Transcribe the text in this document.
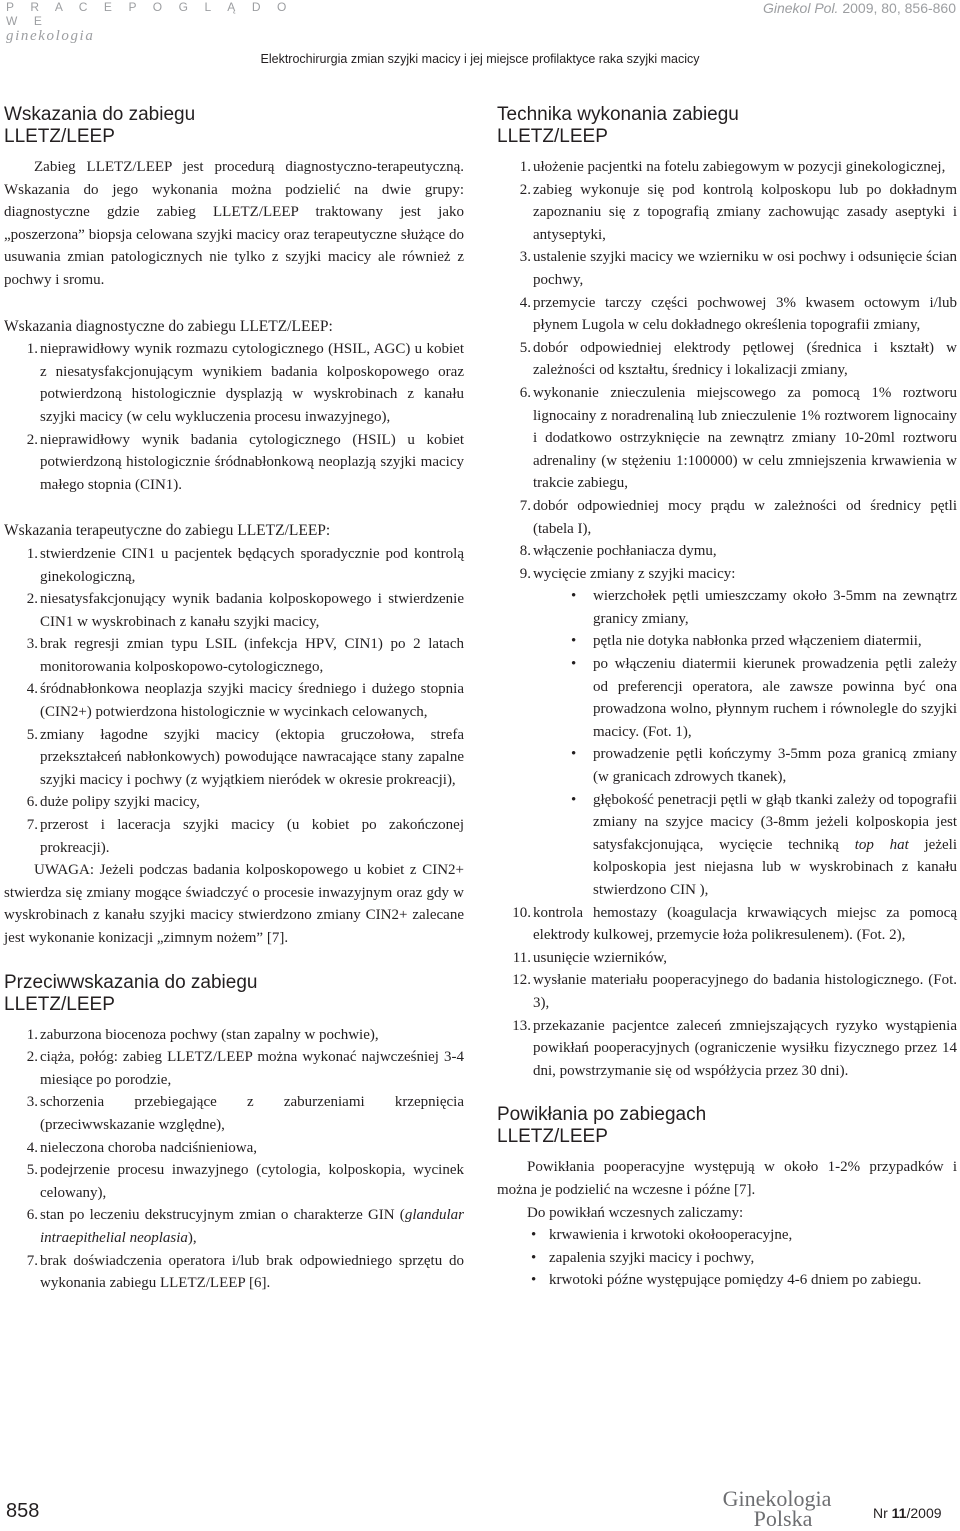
P R A C E P O G L Ą D O W E
ginekologia
Ginekol Pol. 2009, 80, 856-860
Elektrochirurgia zmian szyjki macicy i jej miejsce profilaktyce raka szyjki macicy
Wskazania do zabiegu
LLETZ/LEEP

Zabieg LLETZ/LEEP jest procedurą diagnostyczno-terapeutyczną. Wskazania do jego wykonania można podzielić na dwie grupy: diagnostyczne gdzie zabieg LLETZ/LEEP traktowany jest jako „poszerzona” biopsja celowana szyjki macicy oraz terapeutyczne służące do usuwania zmian patologicznych nie tylko z szyjki macicy ale również z pochwy i sromu.

Wskazania diagnostyczne do zabiegu LLETZ/LEEP:
1. nieprawidłowy wynik rozmazu cytologicznego (HSIL, AGC) u kobiet z niesatysfakcjonującym wynikiem badania kolposkopowego oraz potwierdzoną histologicznie dysplazją w wyskrobinach z kanału szyjki macicy (w celu wykluczenia procesu inwazyjnego),
2. nieprawidłowy wynik badania cytologicznego (HSIL) u kobiet potwierdzoną histologicznie śródnabłonkową neoplazją szyjki macicy małego stopnia (CIN1).
Wskazania terapeutyczne do zabiegu LLETZ/LEEP:
1. stwierdzenie CIN1 u pacjentek będących sporadycznie pod kontrolą ginekologiczną,
2. niesatysfakcjonujący wynik badania kolposkopowego i stwierdzenie CIN1 w wyskrobinach z kanału szyjki macicy,
3. brak regresji zmian typu LSIL (infekcja HPV, CIN1) po 2 latach monitorowania kolposkopowo-cytologicznego,
4. śródnabłonkowa neoplazja szyjki macicy średniego i dużego stopnia (CIN2+) potwierdzona histologicznie w wycinkach celowanych,
5. zmiany łagodne szyjki macicy (ektopia gruczołowa, strefa przekształceń nabłonkowych) powodujące nawracające stany zapalne szyjki macicy i pochwy (z wyjątkiem nieródek w okresie prokreacji),
6. duże polipy szyjki macicy,
7. przerost i laceracja szyjki macicy (u kobiet po zakończonej prokreacji).

UWAGA: Jeżeli podczas badania kolposkopowego u kobiet z CIN2+ stwierdza się zmiany mogące świadczyć o procesie inwazyjnym oraz gdy w wyskrobinach z kanału szyjki macicy stwierdzono zmiany CIN2+ zalecane jest wykonanie konizacji „zimnym nożem” [7].

Przeciwwskazania do zabiegu
LLETZ/LEEP
1. zaburzona biocenoza pochwy (stan zapalny w pochwie),
2. ciąża, połóg: zabieg LLETZ/LEEP można wykonać najwcześniej 3-4 miesiące po porodzie,
3. schorzenia przebiegające z zaburzeniami krzepnięcia (przeciwwskazanie względne),
4. nieleczona choroba nadciśnieniowa,
5. podejrzenie procesu inwazyjnego (cytologia, kolposkopia, wycinek celowany),
6. stan po leczeniu dekstrucyjnym zmian o charakterze GIN (glandular intraepithelial neoplasia),
7. brak doświadczenia operatora i/lub brak odpowiedniego sprzętu do wykonania zabiegu LLETZ/LEEP [6].
Technika wykonania zabiegu
LLETZ/LEEP
1. ułożenie pacjentki na fotelu zabiegowym w pozycji ginekologicznej,
2. zabieg wykonuje się pod kontrolą kolposkopu lub po dokładnym zapoznaniu się z topografią zmiany zachowując zasady aseptyki i antyseptyki,
3. ustalenie szyjki macicy we wzierniku w osi pochwy i odsunięcie ścian pochwy,
4. przemycie tarczy części pochwowej 3% kwasem octowym i/lub płynem Lugola w celu dokładnego określenia topografii zmiany,
5. dobór odpowiedniej elektrody pętlowej (średnica i kształt) w zależności od kształtu, średnicy i lokalizacji zmiany,
6. wykonanie znieczulenia miejscowego za pomocą 1% roztworu lignocainy z noradrenaliną lub znieczulenie 1% roztworem lignocainy i dodatkowo ostrzyknięcie na zewnątrz zmiany 10-20ml roztworu adrenaliny (w stężeniu 1:100000) w celu zmniejszenia krwawienia w trakcie zabiegu,
7. dobór odpowiedniej mocy prądu w zależności od średnicy pętli (tabela I),
8. włączenie pochłaniacza dymu,
9. wycięcie zmiany z szyjki macicy:
• wierzchołek pętli umieszczamy około 3-5mm na zewnątrz granicy zmiany,
• pętla nie dotyka nabłonka przed włączeniem diatermii,
• po włączeniu diatermii kierunek prowadzenia pętli zależy od preferencji operatora, ale zawsze powinna być ona prowadzona wolno, płynnym ruchem i równolegle do szyjki macicy. (Fot. 1),
• prowadzenie pętli kończymy 3-5mm poza granicą zmiany (w granicach zdrowych tkanek),
• głębokość penetracji pętli w głąb tkanki zależy od topografii zmiany na szyjce macicy (3-8mm jeżeli kolposkopia jest satysfakcjonująca, wycięcie techniką top hat jeżeli kolposkopia jest niejasna lub w wyskrobinach z kanału stwierdzono CIN ),
10. kontrola hemostazy (koagulacja krwawiących miejsc za pomocą elektrody kulkowej, przemycie łoża polikresulenem). (Fot. 2),
11. usunięcie wzierników,
12. wysłanie materiału pooperacyjnego do badania histologicznego. (Fot. 3),
13. przekazanie pacjentce zaleceń zmniejszających ryzyko wystąpienia powikłań pooperacyjnych (ograniczenie wysiłku fizycznego przez 14 dni, powstrzymanie się od współżycia przez 30 dni).
Powikłania po zabiegach
LLETZ/LEEP

Powikłania pooperacyjne występują w około 1-2% przypadków i można je podzielić na wczesne i późne [7].

Do powikłań wczesnych zaliczamy:

• krwawienia i krwotoki okołooperacyjne,
• zapalenia szyjki macicy i pochwy,
• krwotoki późne występujące pomiędzy 4-6 dniem po zabiegu.
858	Ginekologia
Polska	Nr 11/2009
